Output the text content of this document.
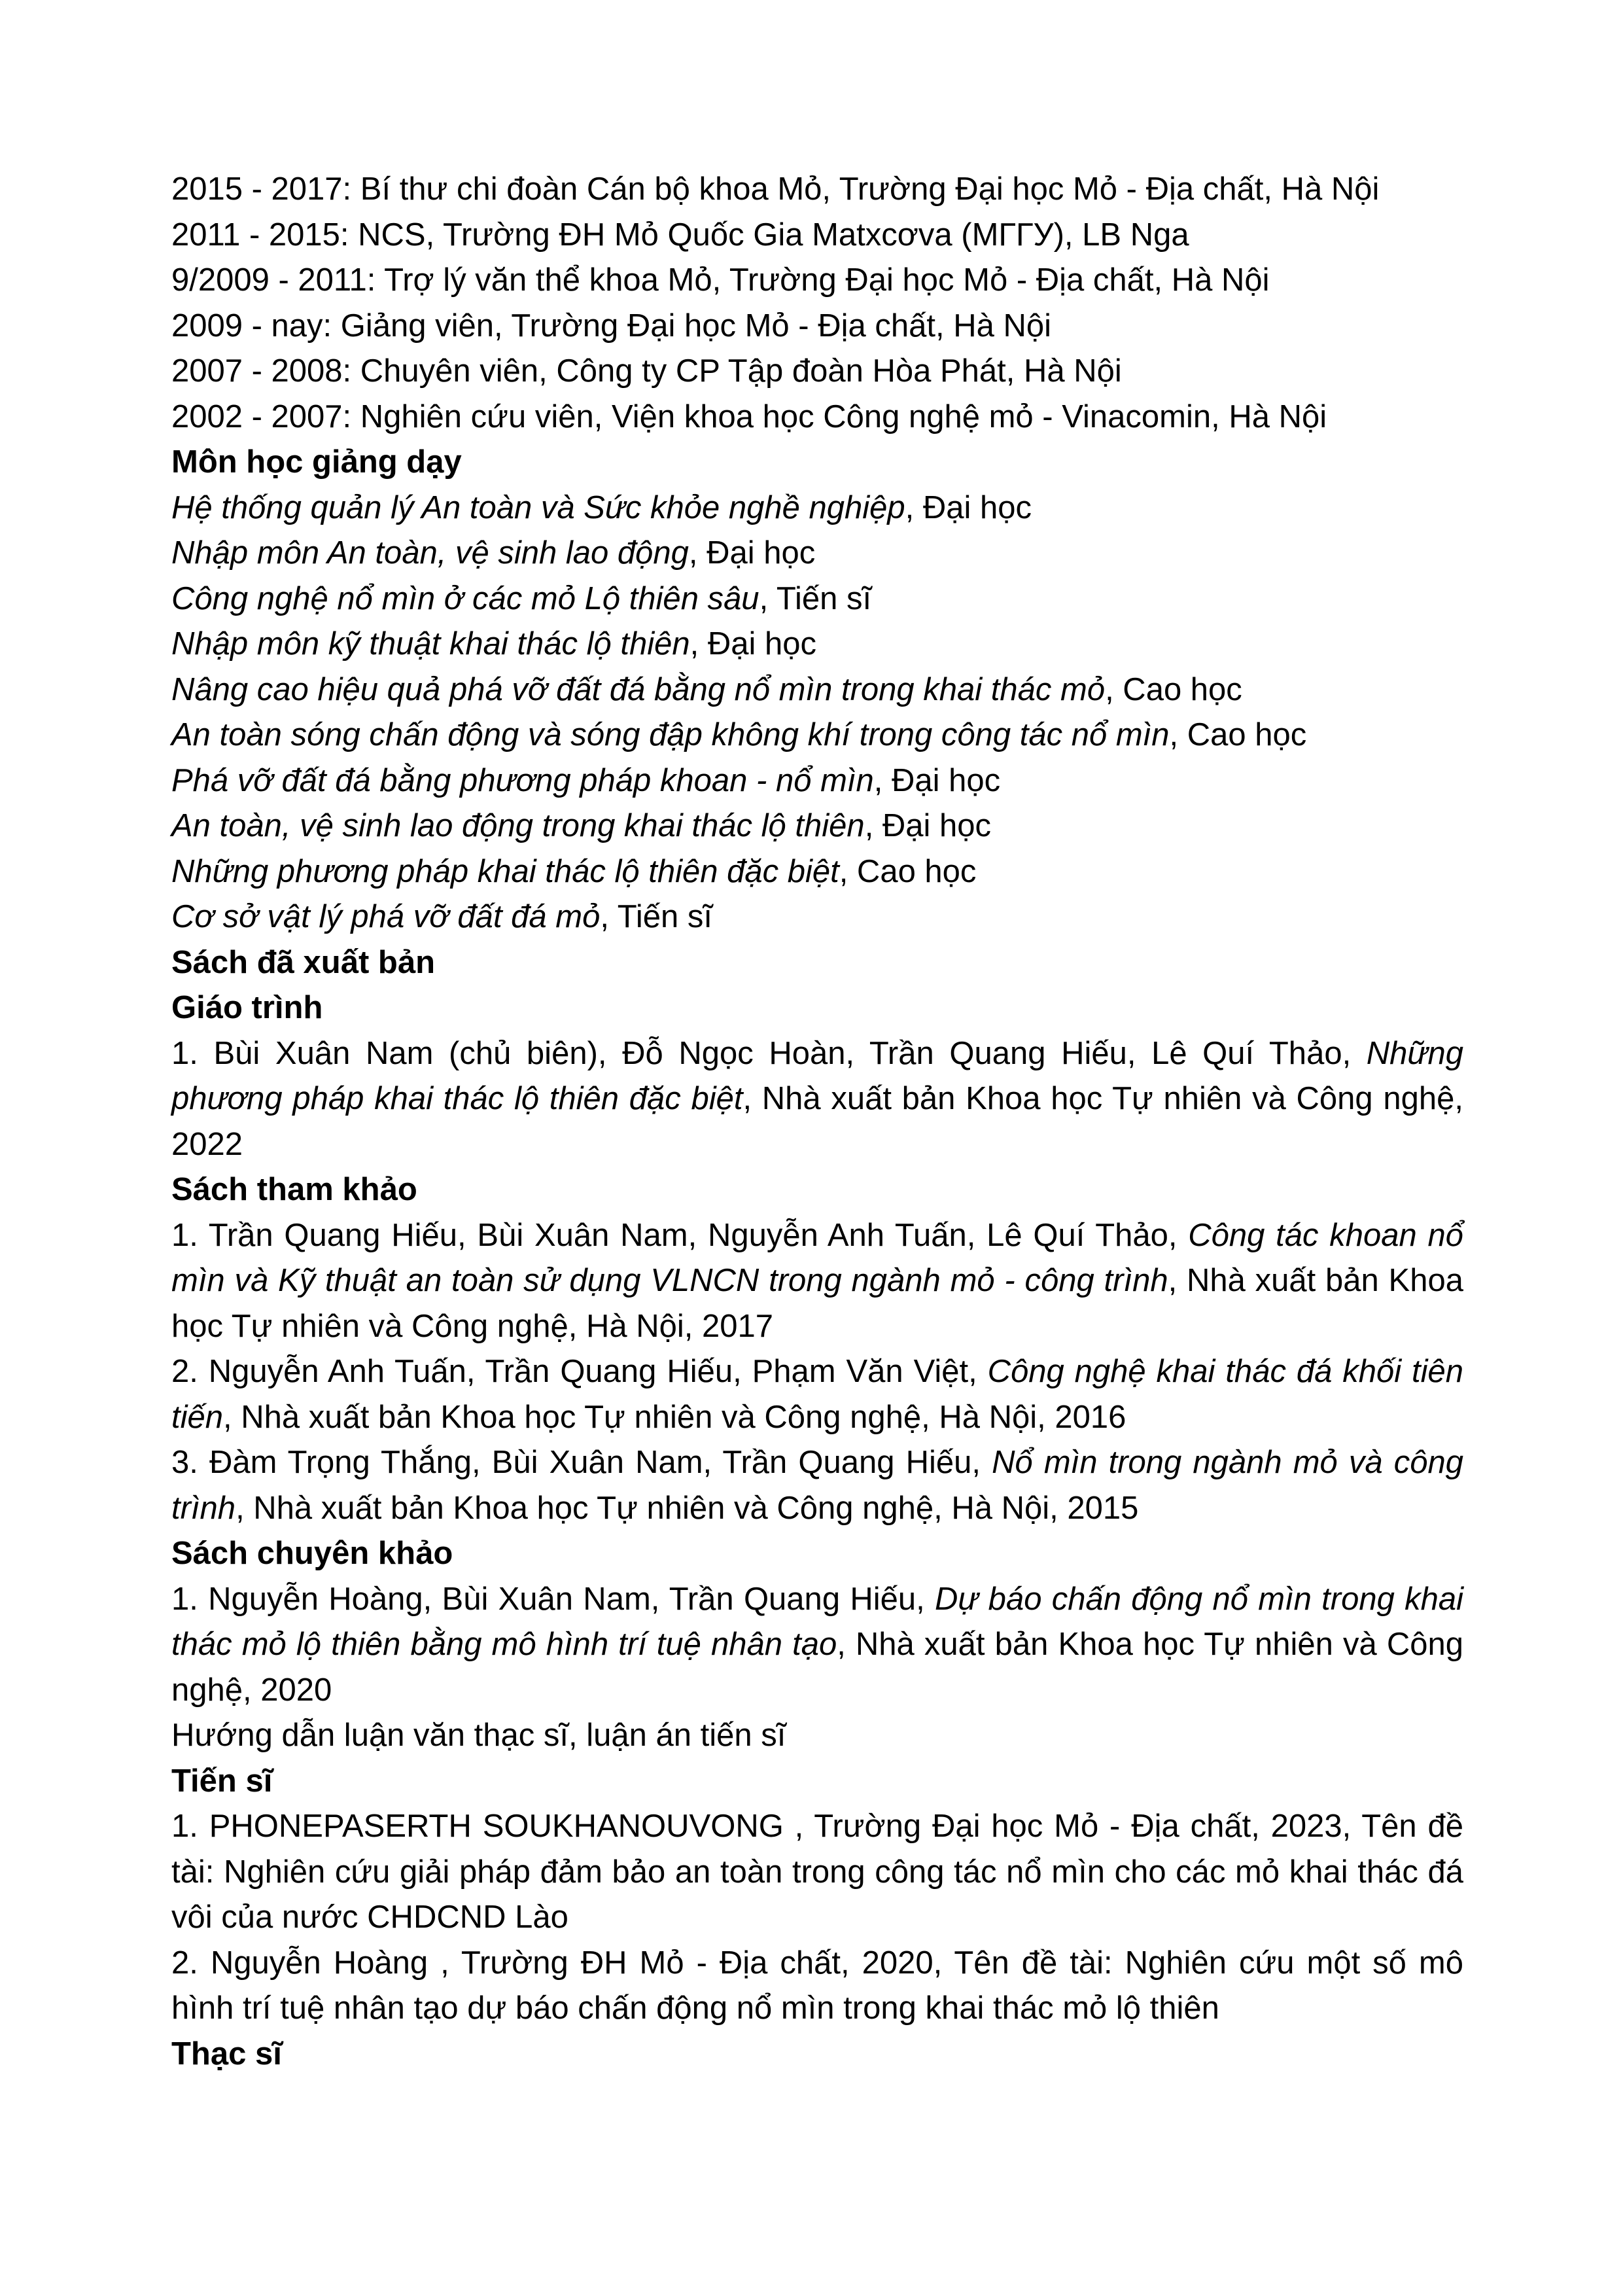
2015 - 2017: Bí thư chi đoàn Cán bộ khoa Mỏ, Trường Đại học Mỏ - Địa chất, Hà Nội
2011 - 2015: NCS, Trường ĐH Mỏ Quốc Gia Matxcơva (МГГУ), LB Nga
9/2009 - 2011: Trợ lý văn thể khoa Mỏ, Trường Đại học Mỏ - Địa chất, Hà Nội
2009 - nay: Giảng viên, Trường Đại học Mỏ - Địa chất, Hà Nội
2007 - 2008: Chuyên viên, Công ty CP Tập đoàn Hòa Phát, Hà Nội
2002 - 2007: Nghiên cứu viên, Viện khoa học Công nghệ mỏ - Vinacomin, Hà Nội
Môn học giảng dạy
Hệ thống quản lý An toàn và Sức khỏe nghề nghiệp, Đại học
Nhập môn An toàn, vệ sinh lao động, Đại học
Công nghệ nổ mìn ở các mỏ Lộ thiên sâu, Tiến sĩ
Nhập môn kỹ thuật khai thác lộ thiên, Đại học
Nâng cao hiệu quả phá vỡ đất đá bằng nổ mìn trong khai thác mỏ, Cao học
An toàn sóng chấn động và sóng đập không khí trong công tác nổ mìn, Cao học
Phá vỡ đất đá bằng phương pháp khoan - nổ mìn, Đại học
An toàn, vệ sinh lao động trong khai thác lộ thiên, Đại học
Những phương pháp khai thác lộ thiên đặc biệt, Cao học
Cơ sở vật lý phá vỡ đất đá mỏ, Tiến sĩ
Sách đã xuất bản
Giáo trình
1. Bùi Xuân Nam (chủ biên), Đỗ Ngọc Hoàn, Trần Quang Hiếu, Lê Quí Thảo, Những phương pháp khai thác lộ thiên đặc biệt, Nhà xuất bản Khoa học Tự nhiên và Công nghệ, 2022
Sách tham khảo
1. Trần Quang Hiếu, Bùi Xuân Nam, Nguyễn Anh Tuấn, Lê Quí Thảo, Công tác khoan nổ mìn và Kỹ thuật an toàn sử dụng VLNCN trong ngành mỏ - công trình, Nhà xuất bản Khoa học Tự nhiên và Công nghệ, Hà Nội, 2017
2. Nguyễn Anh Tuấn, Trần Quang Hiếu, Phạm Văn Việt, Công nghệ khai thác đá khối tiên tiến, Nhà xuất bản Khoa học Tự nhiên và Công nghệ, Hà Nội, 2016
3. Đàm Trọng Thắng, Bùi Xuân Nam, Trần Quang Hiếu, Nổ mìn trong ngành mỏ và công trình, Nhà xuất bản Khoa học Tự nhiên và Công nghệ, Hà Nội, 2015
Sách chuyên khảo
1. Nguyễn Hoàng, Bùi Xuân Nam, Trần Quang Hiếu, Dự báo chấn động nổ mìn trong khai thác mỏ lộ thiên bằng mô hình trí tuệ nhân tạo, Nhà xuất bản Khoa học Tự nhiên và Công nghệ, 2020
Hướng dẫn luận văn thạc sĩ, luận án tiến sĩ
Tiến sĩ
1. PHONEPASERTH SOUKHANOUVONG , Trường Đại học Mỏ - Địa chất, 2023, Tên đề tài: Nghiên cứu giải pháp đảm bảo an toàn trong công tác nổ mìn cho các mỏ khai thác đá vôi của nước CHDCND Lào
2. Nguyễn Hoàng , Trường ĐH Mỏ - Địa chất, 2020, Tên đề tài: Nghiên cứu một số mô hình trí tuệ nhân tạo dự báo chấn động nổ mìn trong khai thác mỏ lộ thiên
Thạc sĩ
